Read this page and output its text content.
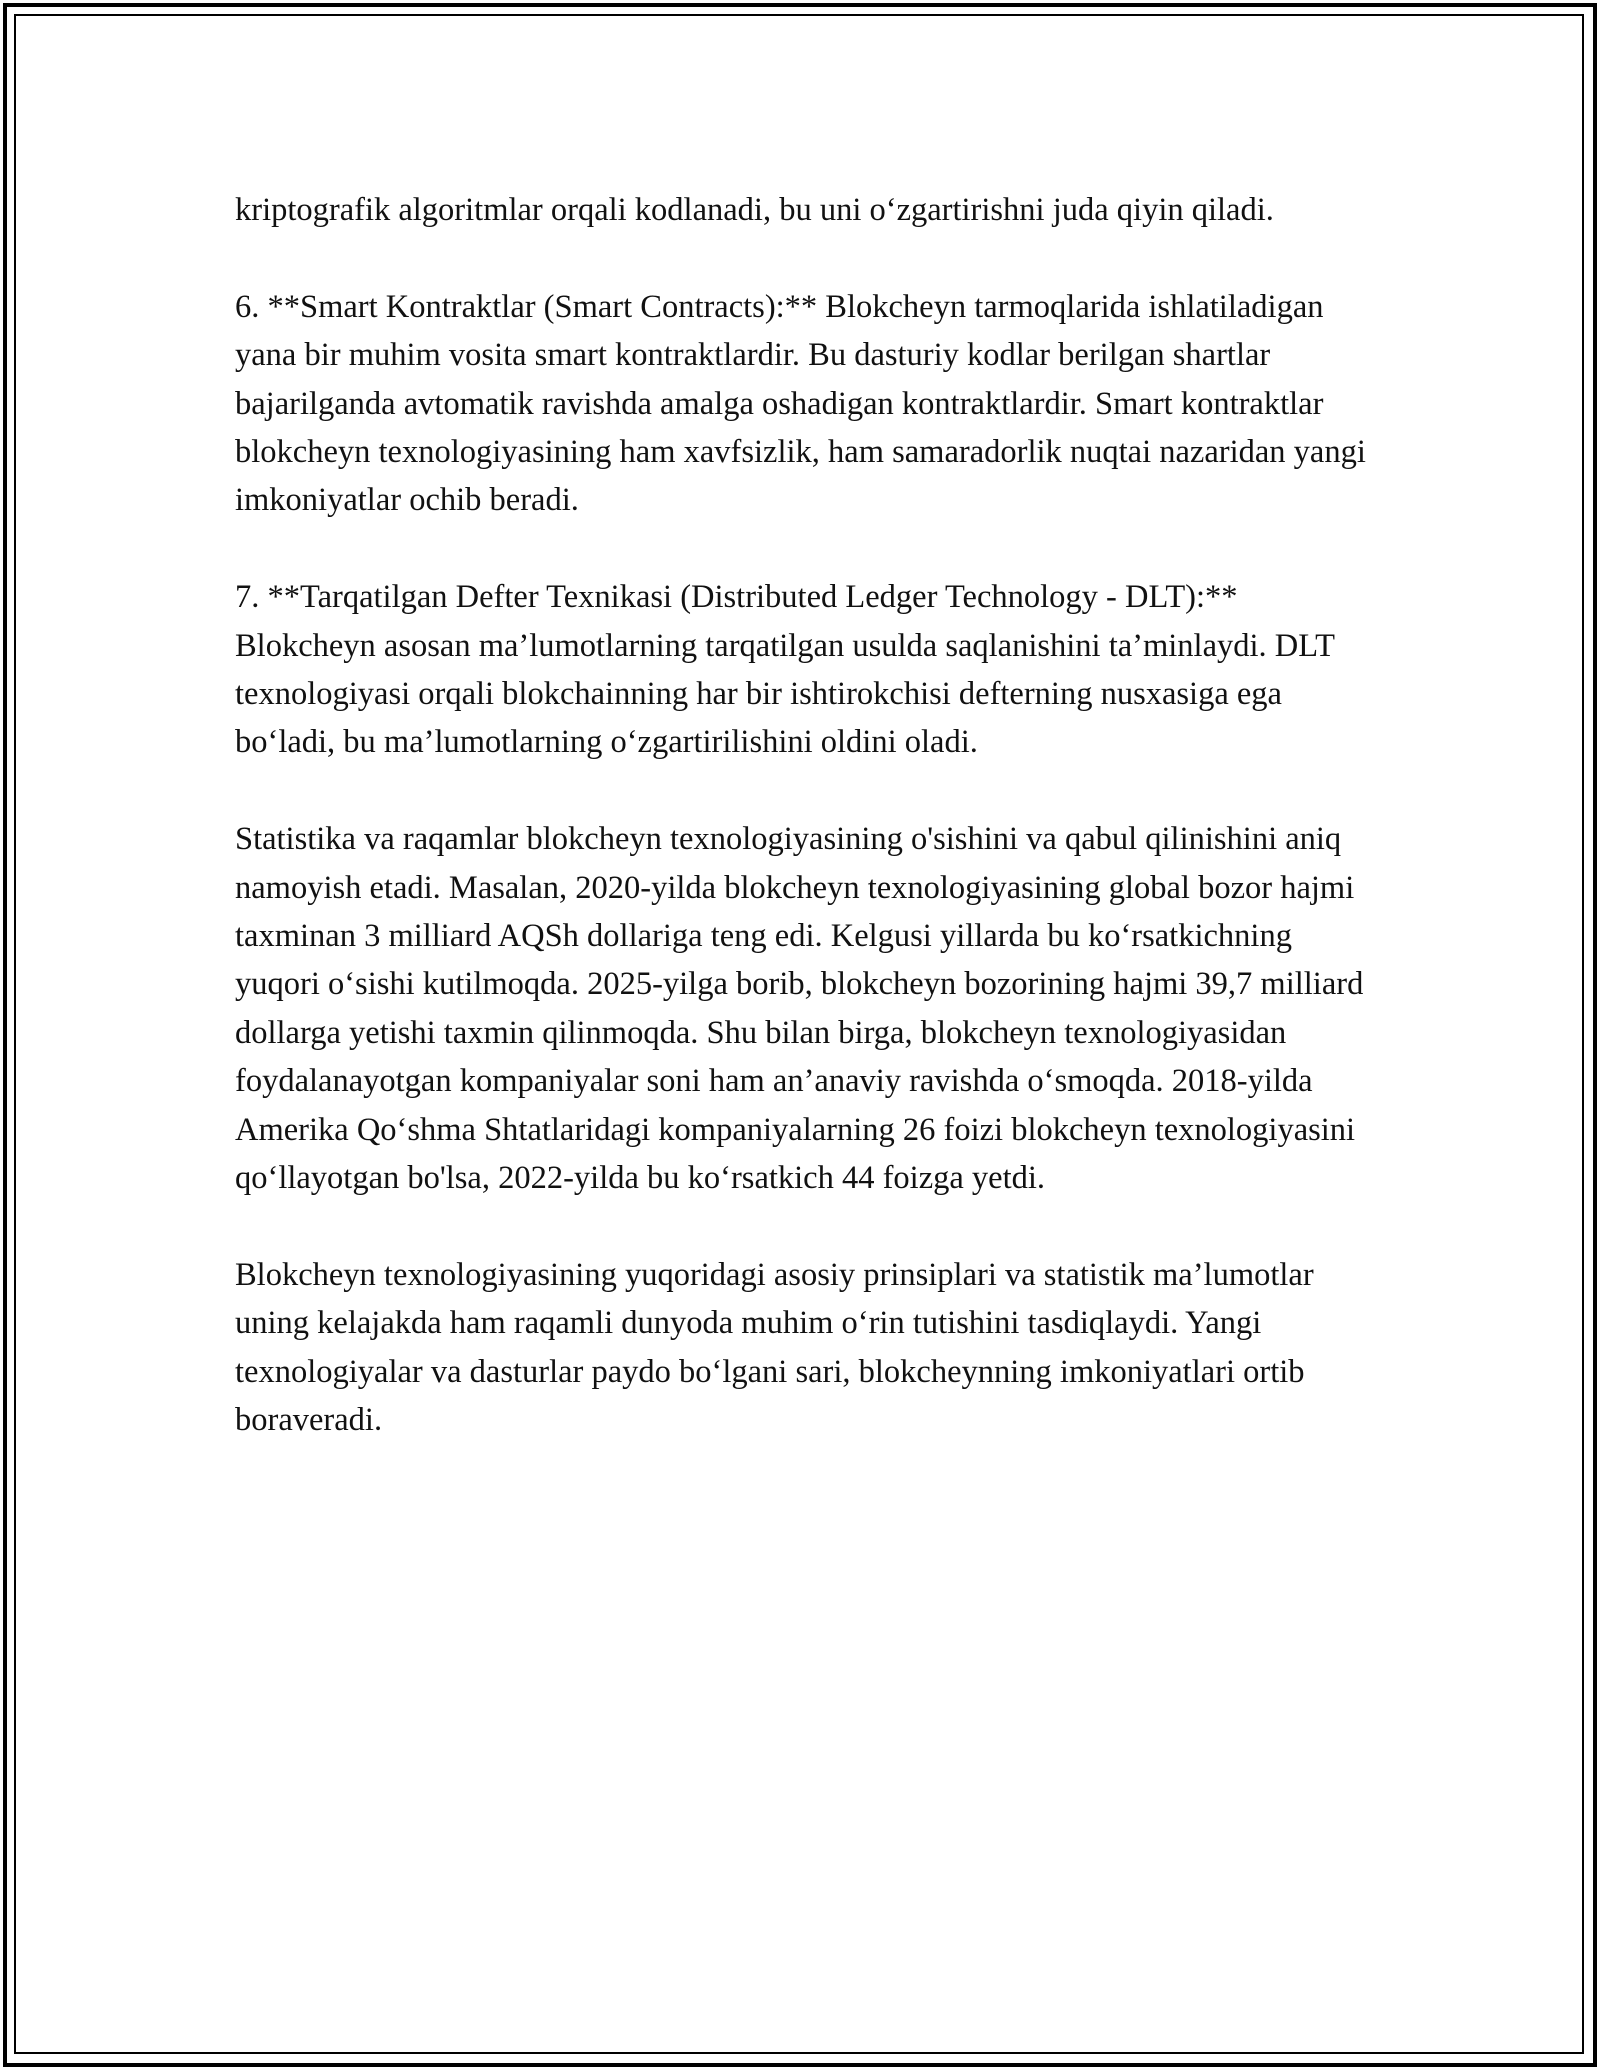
kriptografik algoritmlar orqali kodlanadi, bu uni o‘zgartirishni juda qiyin qiladi.

6. **Smart Kontraktlar (Smart Contracts):** Blokcheyn tarmoqlarida ishlatiladigan yana bir muhim vosita smart kontraktlardir. Bu dasturiy kodlar berilgan shartlar bajarilganda avtomatik ravishda amalga oshadigan kontraktlardir. Smart kontraktlar blokcheyn texnologiyasining ham xavfsizlik, ham samaradorlik nuqtai nazaridan yangi imkoniyatlar ochib beradi.

7. **Tarqatilgan Defter Texnikasi (Distributed Ledger Technology - DLT):** Blokcheyn asosan ma’lumotlarning tarqatilgan usulda saqlanishini ta’minlaydi. DLT texnologiyasi orqali blokchainning har bir ishtirokchisi defterning nusxasiga ega bo‘ladi, bu ma’lumotlarning o‘zgartirilishini oldini oladi.

Statistika va raqamlar blokcheyn texnologiyasining o'sishini va qabul qilinishini aniq namoyish etadi. Masalan, 2020-yilda blokcheyn texnologiyasining global bozor hajmi taxminan 3 milliard AQSh dollariga teng edi. Kelgusi yillarda bu ko‘rsatkichning yuqori o‘sishi kutilmoqda. 2025-yilga borib, blokcheyn bozorining hajmi 39,7 milliard dollarga yetishi taxmin qilinmoqda. Shu bilan birga, blokcheyn texnologiyasidan foydalanayotgan kompaniyalar soni ham an’anaviy ravishda o‘smoqda. 2018-yilda Amerika Qo‘shma Shtatlaridagi kompaniyalarning 26 foizi blokcheyn texnologiyasini qo‘llayotgan bo'lsa, 2022-yilda bu ko‘rsatkich 44 foizga yetdi.

Blokcheyn texnologiyasining yuqoridagi asosiy prinsiplari va statistik ma’lumotlar uning kelajakda ham raqamli dunyoda muhim o‘rin tutishini tasdiqlaydi. Yangi texnologiyalar va dasturlar paydo bo‘lgani sari, blokcheynning imkoniyatlari ortib boraveradi.
